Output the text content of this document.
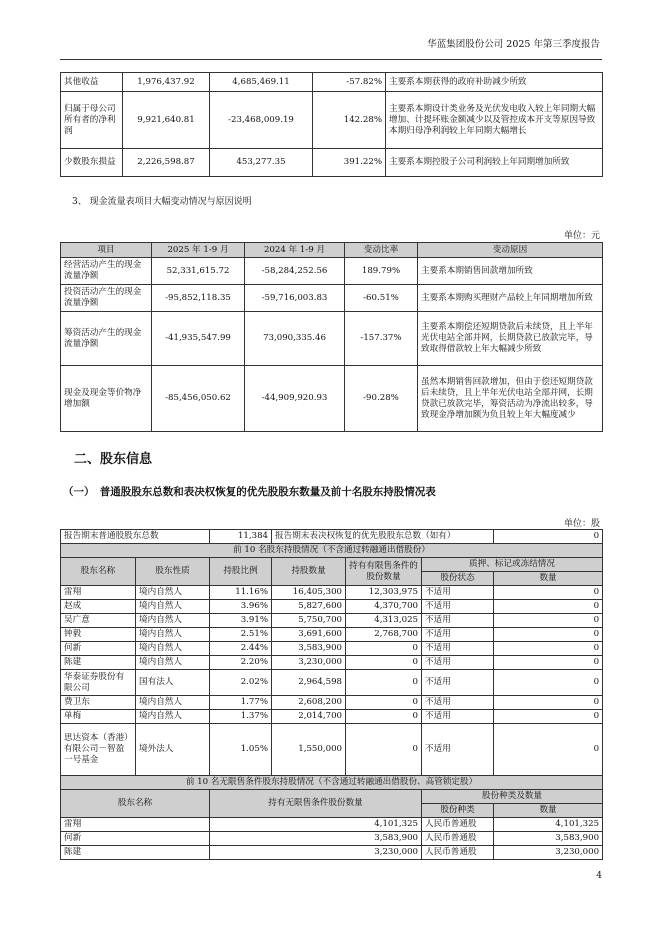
华蓝集团股份公司 2025 年第三季度报告
其他收益	1,976,437.92	4,685,469.11	-57.82%	主要系本期获得的政府补助减少所致
归属于母公司所有者的净利润	9,921,640.81	-23,468,009.19	142.28%	主要系本期设计类业务及光伏发电收入较上年同期大幅增加、计提坏账金额减少以及管控成本开支等原因导致本期归母净利润较上年同期大幅增长
少数股东损益	2,226,598.87	453,277.35	391.22%	主要系本期控股子公司利润较上年同期增加所致
3、 现金流量表项目大幅变动情况与原因说明
单位：元
项目	2025 年 1-9 月	2024 年 1-9 月	变动比率	变动原因
经营活动产生的现金流量净额	52,331,615.72	-58,284,252.56	189.79%	主要系本期销售回款增加所致
投资活动产生的现金流量净额	-95,852,118.35	-59,716,003.83	-60.51%	主要系本期购买理财产品较上年同期增加所致
筹资活动产生的现金流量净额	-41,935,547.99	73,090,335.46	-157.37%	主要系本期偿还短期贷款后未续贷，且上半年光伏电站全部并网，长期贷款已放款完毕，导致取得借款较上年大幅减少所致
现金及现金等价物净增加额	-85,456,050.62	-44,909,920.93	-90.28%	虽然本期销售回款增加，但由于偿还短期贷款后未续贷，且上半年光伏电站全部并网，长期贷款已放款完毕，筹资活动为净流出较多，导致现金净增加额为负且较上年大幅度减少
二、股东信息
（一）　普通股股东总数和表决权恢复的优先股股东数量及前十名股东持股情况表
单位：股
报告期末普通股股东总数		11,384	报告期末表决权恢复的优先股股东总数（如有）			0
前 10 名股东持股情况（不含通过转融通出借股份）						
股东名称	股东性质	持股比例	持股数量	持有有限售条件的股份数量	质押、标记或冻结情况	
					股份状态	数量
雷翔	境内自然人	11.16%	16,405,300	12,303,975	不适用	0
赵成	境内自然人	3.96%	5,827,600	4,370,700	不适用	0
吴广意	境内自然人	3.91%	5,750,700	4,313,025	不适用	0
钟毅	境内自然人	2.51%	3,691,600	2,768,700	不适用	0
何新	境内自然人	2.44%	3,583,900	0	不适用	0
陈建	境内自然人	2.20%	3,230,000	0	不适用	0
华泰证券股份有限公司	国有法人	2.02%	2,964,598	0	不适用	0
费卫东	境内自然人	1.77%	2,608,200	0	不适用	0
单梅	境内自然人	1.37%	2,014,700	0	不适用	0
思达资本（香港）有限公司－智盈一号基金	境外法人	1.05%	1,550,000	0	不适用	0
前 10 名无限售条件股东持股情况（不含通过转融通出借股份、高管锁定股）						
股东名称		持有无限售条件股份数量			股份种类及数量	
					股份种类	数量
雷翔		4,101,325			人民币普通股	4,101,325
何新		3,583,900			人民币普通股	3,583,900
陈建		3,230,000			人民币普通股	3,230,000
4
